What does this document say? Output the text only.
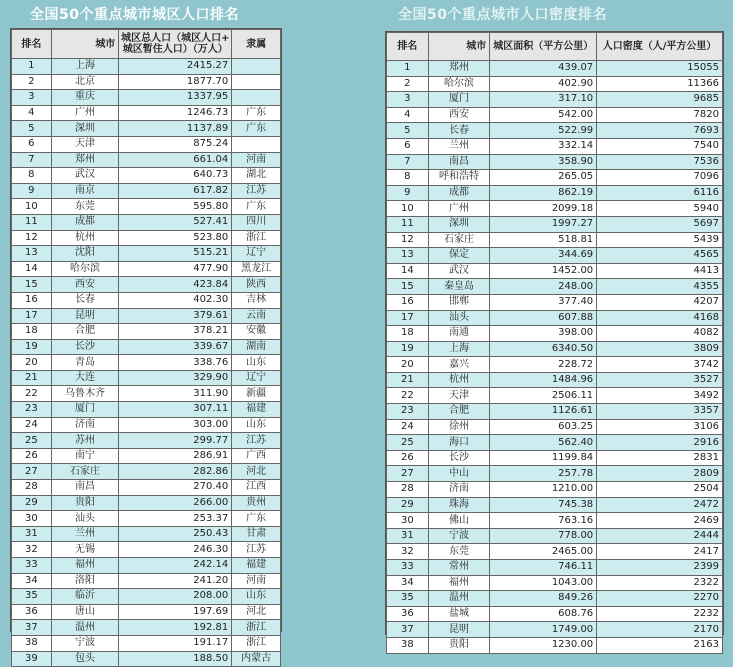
全国50个重点城市城区人口排名	全国50个重点城市人口密度排名
排名	城市	城区总人口（城区人口+
城区暂住人口）（万人）	隶属
1	上海	2415.27	
2	北京	1877.70	
3	重庆	1337.95	
4	广州	1246.73	广东
5	深圳	1137.89	广东
6	天津	875.24	
7	郑州	661.04	河南
8	武汉	640.73	湖北
9	南京	617.82	江苏
10	东莞	595.80	广东
11	成都	527.41	四川
12	杭州	523.80	浙江
13	沈阳	515.21	辽宁
14	哈尔滨	477.90	黑龙江
15	西安	423.84	陕西
16	长春	402.30	吉林
17	昆明	379.61	云南
18	合肥	378.21	安徽
19	长沙	339.67	湖南
20	青岛	338.76	山东
21	大连	329.90	辽宁
22	乌鲁木齐	311.90	新疆
23	厦门	307.11	福建
24	济南	303.00	山东
25	苏州	299.77	江苏
26	南宁	286.91	广西
27	石家庄	282.86	河北
28	南昌	270.40	江西
29	贵阳	266.00	贵州
30	汕头	253.37	广东
31	兰州	250.43	甘肃
32	无锡	246.30	江苏
33	福州	242.14	福建
34	洛阳	241.20	河南
35	临沂	208.00	山东
36	唐山	197.69	河北
37	温州	192.81	浙江
38	宁波	191.17	浙江
39	包头	188.50	内蒙古
排名	城市	城区面积（平方公里）	人口密度（人/平方公里）
1	郑州	439.07	15055
2	哈尔滨	402.90	11366
3	厦门	317.10	9685
4	西安	542.00	7820
5	长春	522.99	7693
6	兰州	332.14	7540
7	南昌	358.90	7536
8	呼和浩特	265.05	7096
9	成都	862.19	6116
10	广州	2099.18	5940
11	深圳	1997.27	5697
12	石家庄	518.81	5439
13	保定	344.69	4565
14	武汉	1452.00	4413
15	秦皇岛	248.00	4355
16	邯郸	377.40	4207
17	汕头	607.88	4168
18	南通	398.00	4082
19	上海	6340.50	3809
20	嘉兴	228.72	3742
21	杭州	1484.96	3527
22	天津	2506.11	3492
23	合肥	1126.61	3357
24	徐州	603.25	3106
25	海口	562.40	2916
26	长沙	1199.84	2831
27	中山	257.78	2809
28	济南	1210.00	2504
29	珠海	745.38	2472
30	佛山	763.16	2469
31	宁波	778.00	2444
32	东莞	2465.00	2417
33	常州	746.11	2399
34	福州	1043.00	2322
35	温州	849.26	2270
36	盐城	608.76	2232
37	昆明	1749.00	2170
38	贵阳	1230.00	2163
